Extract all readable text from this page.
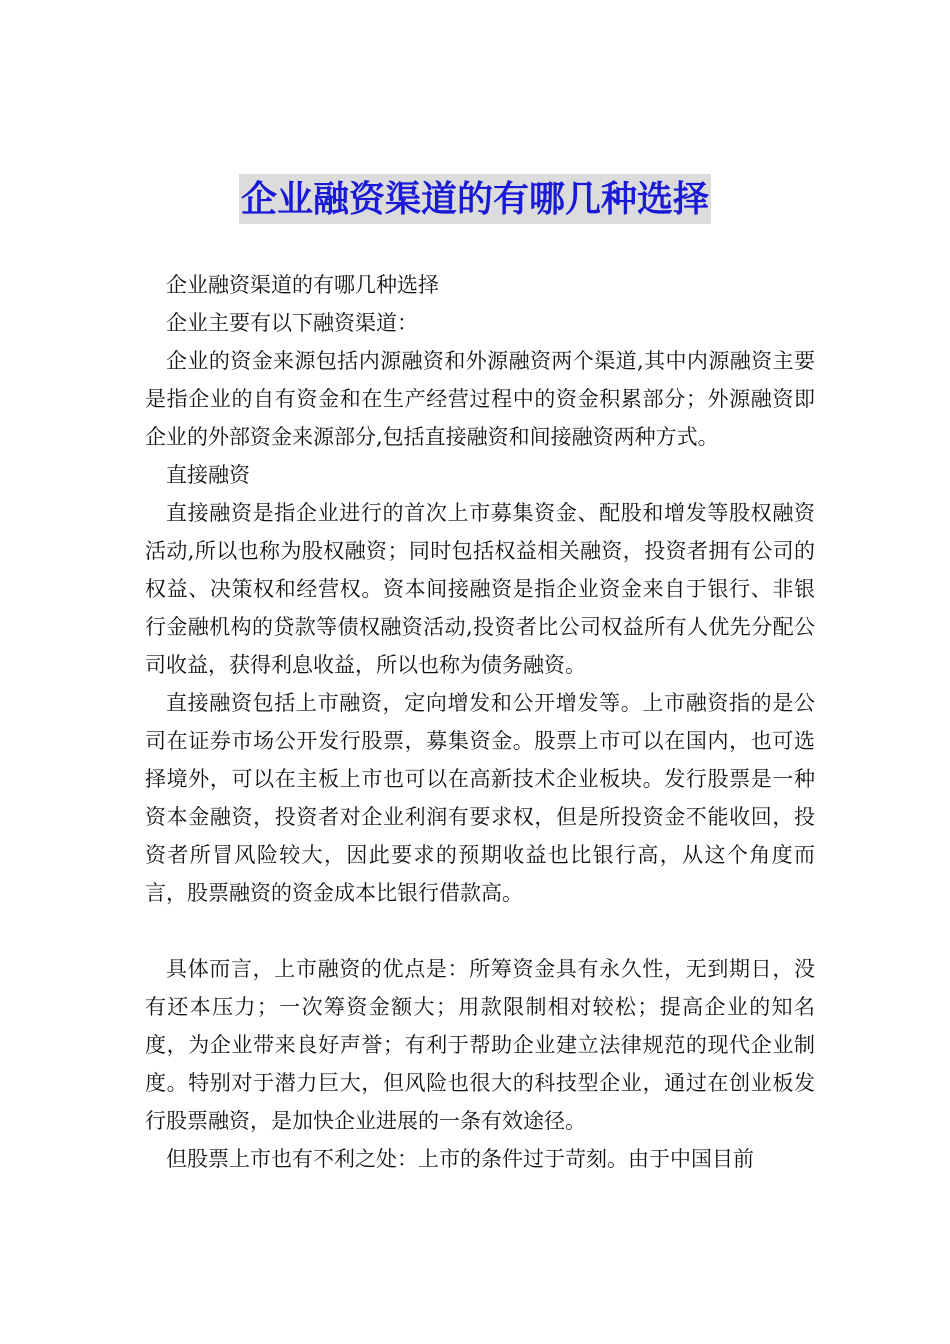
企业融资渠道的有哪几种选择

企业融资渠道的有哪几种选择

企业主要有以下融资渠道：

企业的资金来源包括内源融资和外源融资两个渠道,其中内源融资主要是指企业的自有资金和在生产经营过程中的资金积累部分；外源融资即企业的外部资金来源部分,包括直接融资和间接融资两种方式。

直接融资

直接融资是指企业进行的首次上市募集资金、配股和增发等股权融资活动,所以也称为股权融资；同时包括权益相关融资，投资者拥有公司的权益、决策权和经营权。资本间接融资是指企业资金来自于银行、非银行金融机构的贷款等债权融资活动,投资者比公司权益所有人优先分配公司收益，获得利息收益，所以也称为债务融资。

直接融资包括上市融资，定向增发和公开增发等。上市融资指的是公司在证券市场公开发行股票，募集资金。股票上市可以在国内，也可选择境外，可以在主板上市也可以在高新技术企业板块。发行股票是一种资本金融资，投资者对企业利润有要求权，但是所投资金不能收回，投资者所冒风险较大，因此要求的预期收益也比银行高，从这个角度而言，股票融资的资金成本比银行借款高。

具体而言，上市融资的优点是：所筹资金具有永久性，无到期日，没有还本压力；一次筹资金额大；用款限制相对较松；提高企业的知名度，为企业带来良好声誉；有利于帮助企业建立法律规范的现代企业制度。特别对于潜力巨大，但风险也很大的科技型企业，通过在创业板发行股票融资，是加快企业进展的一条有效途径。

但股票上市也有不利之处：上市的条件过于苛刻。由于中国目前
